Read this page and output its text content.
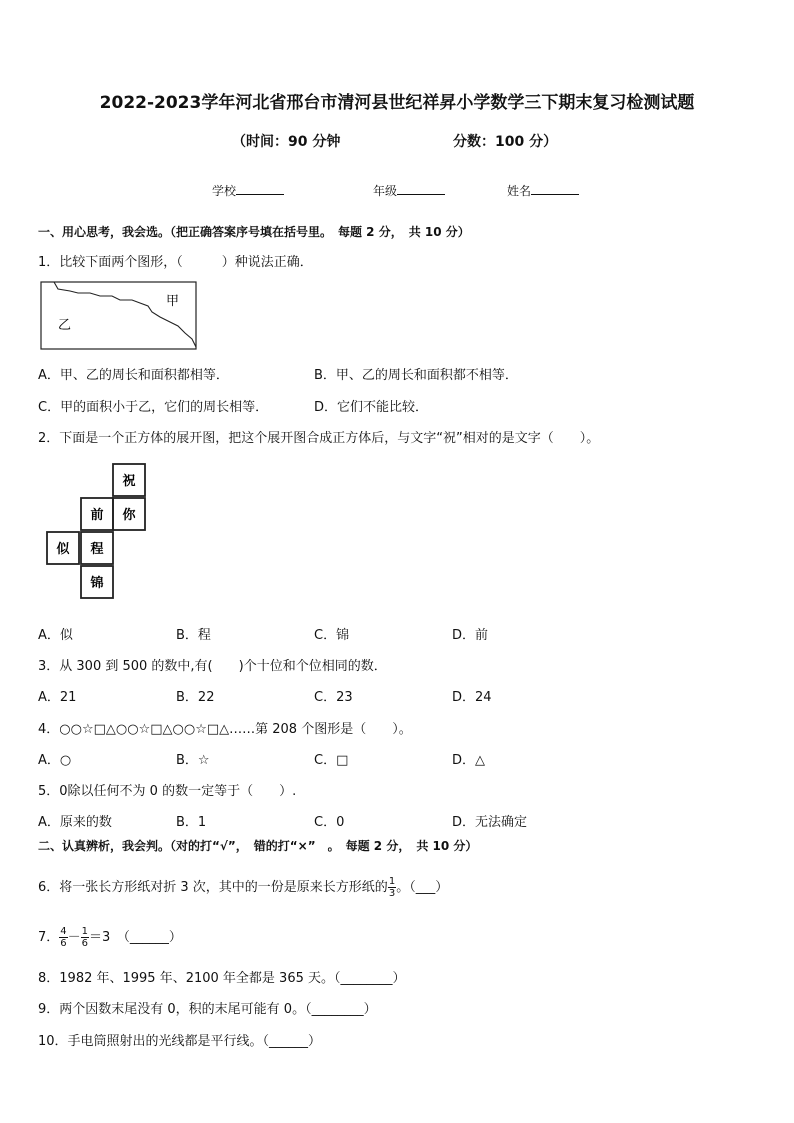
2022-2023学年河北省邢台市清河县世纪祥昇小学数学三下期末复习检测试题
（时间：90 分钟	分数：100 分）
学校	年级	姓名
一、用心思考，我会选。（把正确答案序号填在括号里。　每题 2 分，　共 10 分）
1．比较下面两个图形，（　　　）种说法正确．
甲
乙
A．甲、乙的周长和面积都相等．	B．甲、乙的周长和面积都不相等．
C．甲的面积小于乙，它们的周长相等．	D．它们不能比较．
2．下面是一个正方体的展开图，把这个展开图合成正方体后，与文字“祝”相对的是文字（　　）。
祝
前 你
似 程
锦
A．似	B．程	C．锦	D．前
3．从 300 到 500 的数中,有(　　)个十位和个位相同的数．
A．21	B．22	C．23	D．24
4．○○☆□△○○☆□△○○☆□△……第 208 个图形是（　　）。
A．○	B．☆	C．□	D．△
5．0除以任何不为 0 的数一定等于（　　）.
A．原来的数	B．1	C．0	D．无法确定
二、认真辨析，我会判。（对的打“√”，　错的打“×”　。　每题 2 分，　共 10 分）
6．将一张长方形纸对折 3 次，其中的一份是原来长方形纸的 $\frac{1}{3}$ 。（___）
7． $\frac{4}{6} - \frac{1}{6} =3$　（______）
8．1982 年、1995 年、2100 年全都是 365 天。（________）
9．两个因数末尾没有 0，积的末尾可能有 0。（________）
10．手电筒照射出的光线都是平行线。（______）
